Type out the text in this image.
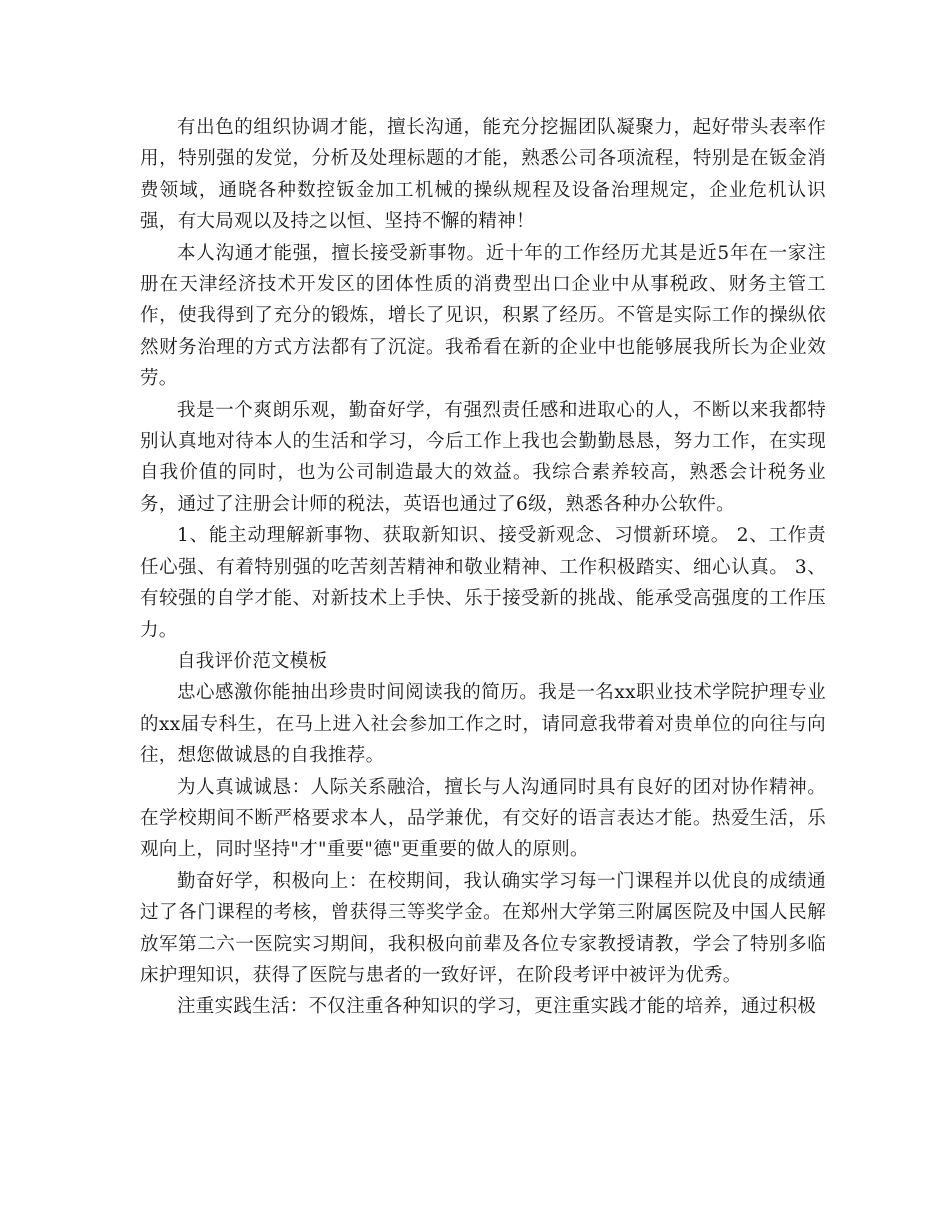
有出色的组织协调才能，擅长沟通，能充分挖掘团队凝聚力，起好带头表率作用，特别强的发觉，分析及处理标题的才能，熟悉公司各项流程，特别是在钣金消费领域，通晓各种数控钣金加工机械的操纵规程及设备治理规定，企业危机认识强，有大局观以及持之以恒、坚持不懈的精神！

本人沟通才能强，擅长接受新事物。近十年的工作经历尤其是近5年在一家注册在天津经济技术开发区的团体性质的消费型出口企业中从事税政、财务主管工作，使我得到了充分的锻炼，增长了见识，积累了经历。不管是实际工作的操纵依然财务治理的方式方法都有了沉淀。我希看在新的企业中也能够展我所长为企业效劳。

我是一个爽朗乐观，勤奋好学，有强烈责任感和进取心的人，不断以来我都特别认真地对待本人的生活和学习，今后工作上我也会勤勤恳恳，努力工作，在实现自我价值的同时，也为公司制造最大的效益。我综合素养较高，熟悉会计税务业务，通过了注册会计师的税法，英语也通过了6级，熟悉各种办公软件。

1、能主动理解新事物、获取新知识、接受新观念、习惯新环境。 2、工作责任心强、有着特别强的吃苦刻苦精神和敬业精神、工作积极踏实、细心认真。 3、有较强的自学才能、对新技术上手快、乐于接受新的挑战、能承受高强度的工作压力。

自我评价范文模板

忠心感激你能抽出珍贵时间阅读我的简历。我是一名xx职业技术学院护理专业的xx届专科生，在马上进入社会参加工作之时，请同意我带着对贵单位的向往与向往，想您做诚恳的自我推荐。

为人真诚诚恳：人际关系融洽，擅长与人沟通同时具有良好的团对协作精神。在学校期间不断严格要求本人，品学兼优，有交好的语言表达才能。热爱生活，乐观向上，同时坚持"才"重要"德"更重要的做人的原则。

勤奋好学，积极向上：在校期间，我认确实学习每一门课程并以优良的成绩通过了各门课程的考核，曾获得三等奖学金。在郑州大学第三附属医院及中国人民解放军第二六一医院实习期间，我积极向前辈及各位专家教授请教，学会了特别多临床护理知识，获得了医院与患者的一致好评，在阶段考评中被评为优秀。

注重实践生活：不仅注重各种知识的学习，更注重实践才能的培养，通过积极
